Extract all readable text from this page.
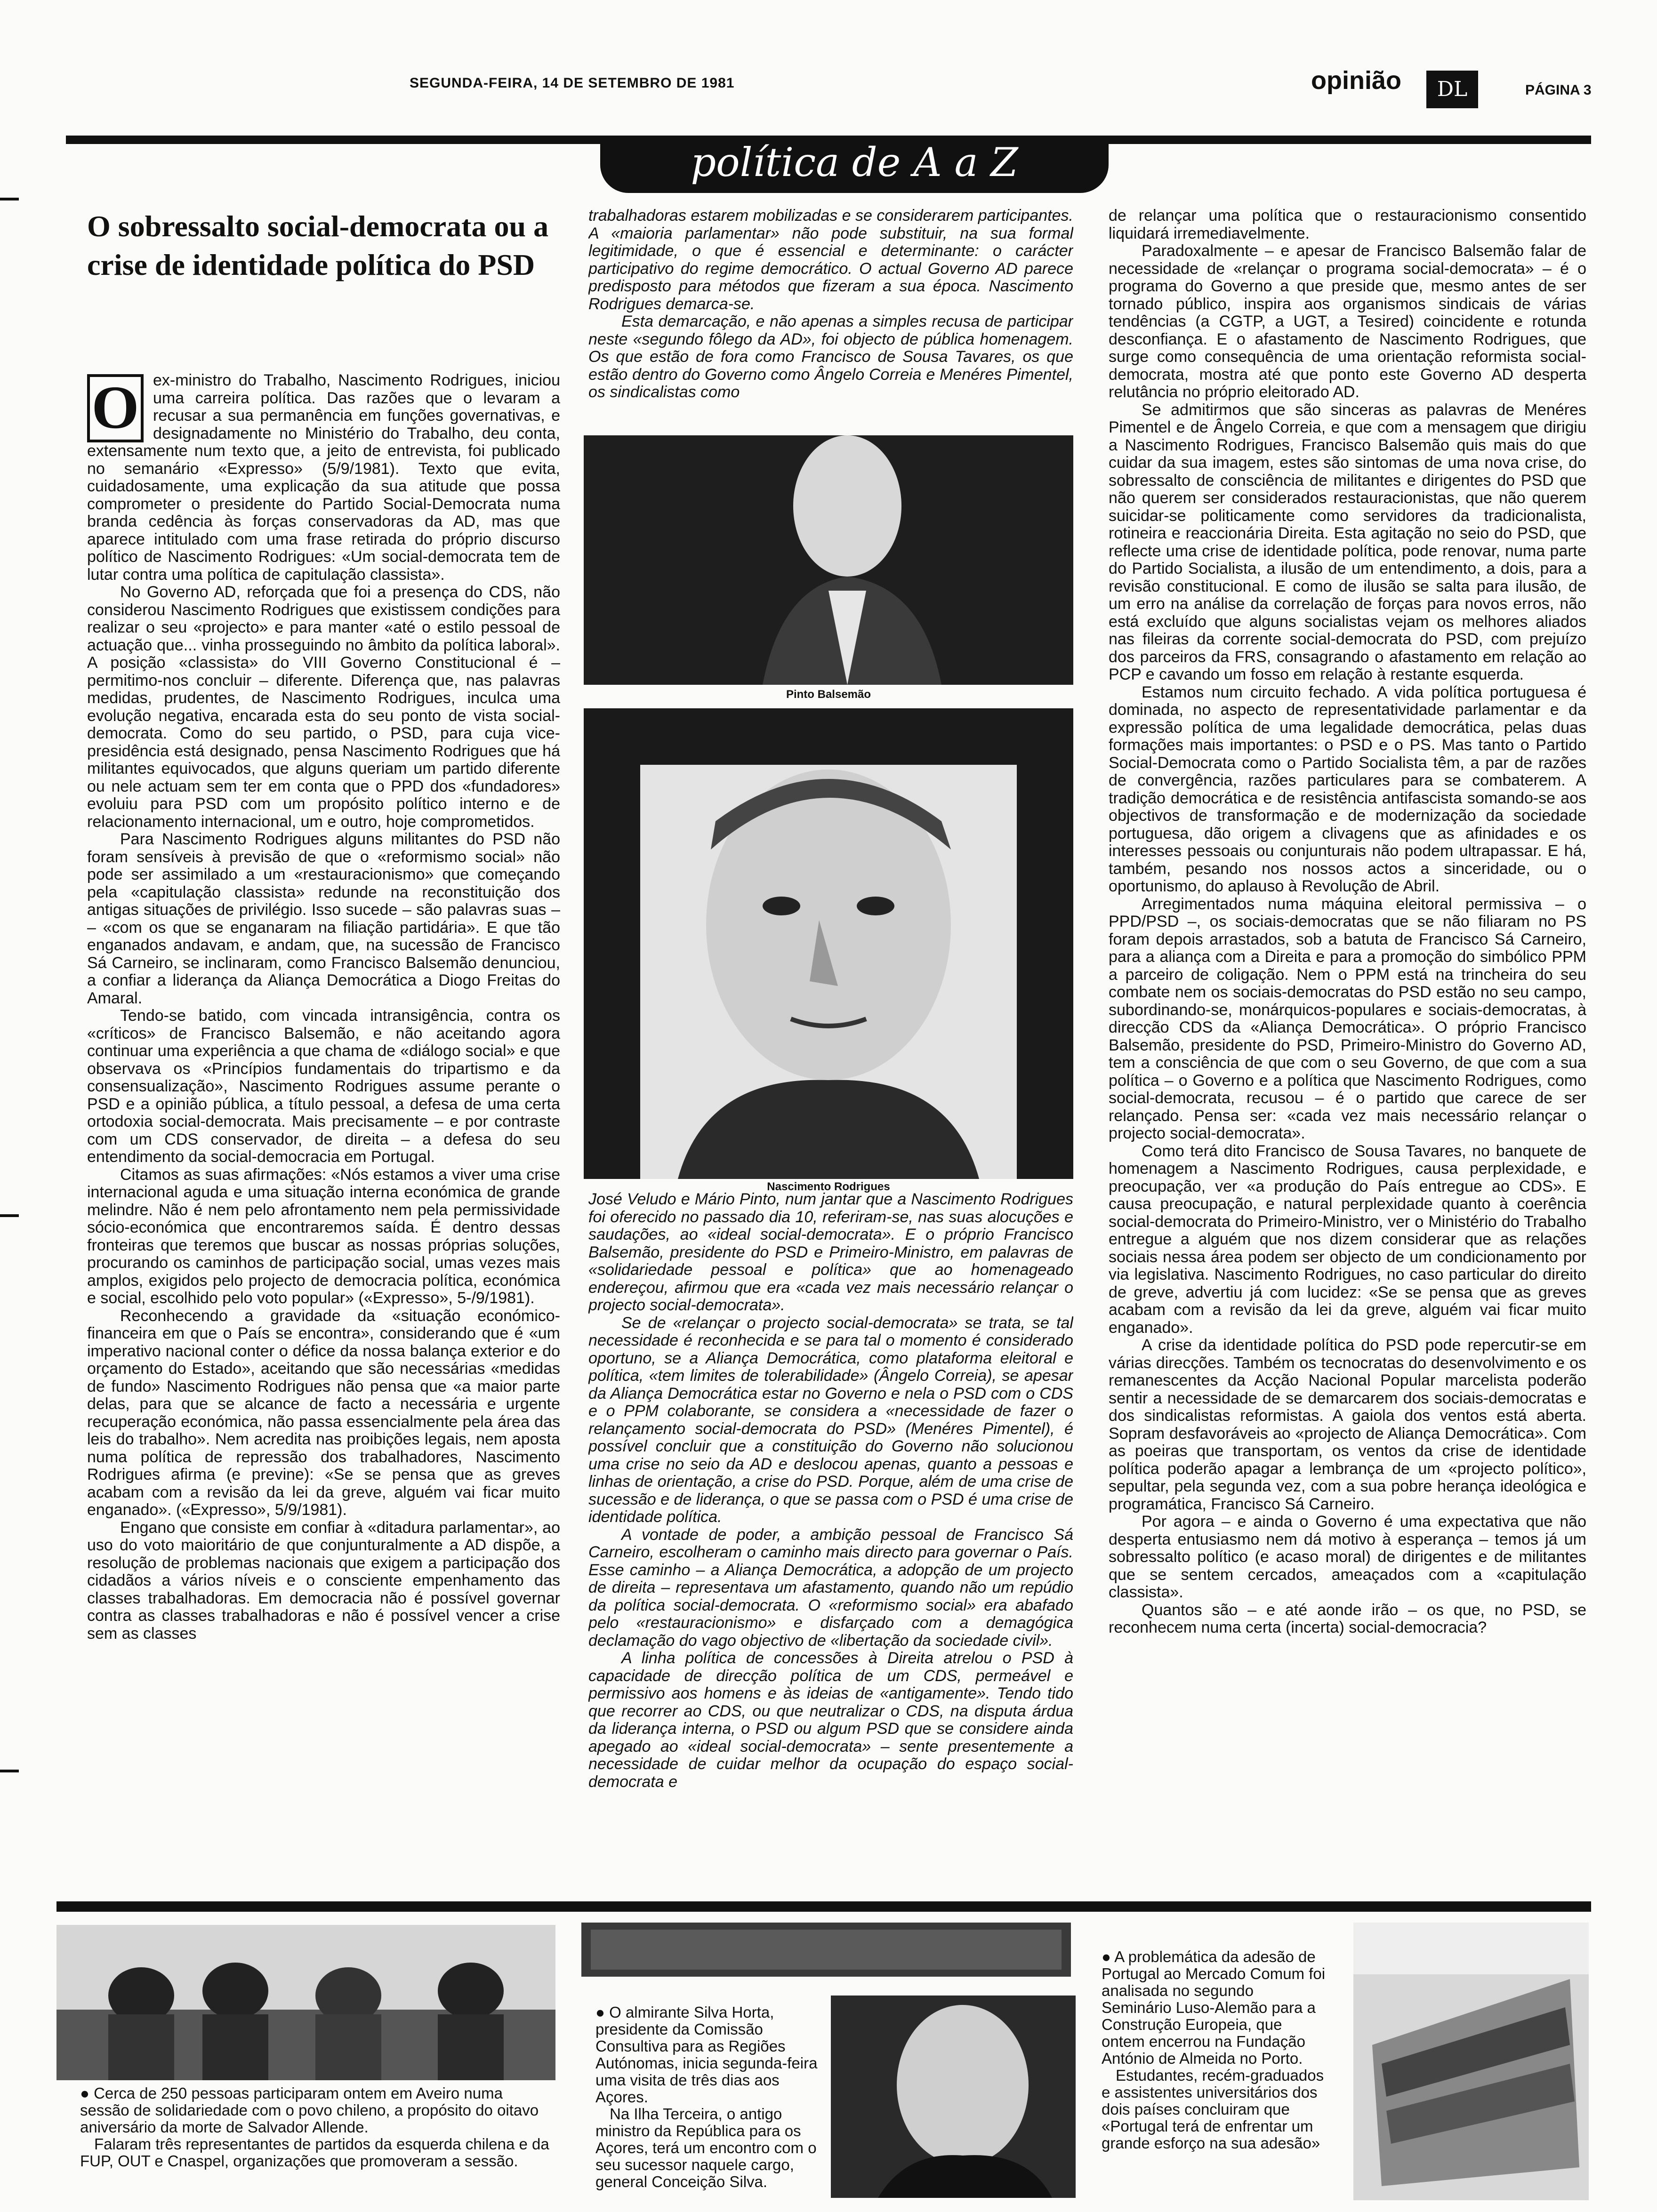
SEGUNDA-FEIRA, 14 DE SETEMBRO DE 1981	opinião	DL	PÁGINA 3
política de A a Z
O sobressalto social-democrata ou a crise de identidade política do PSD
O ex-ministro do Trabalho, Nascimento Rodrigues, iniciou uma carreira política. Das razões que o levaram a recusar a sua permanência em funções governativas, e designadamente no Ministério do Trabalho, deu conta, extensamente num texto que, a jeito de entrevista, foi publicado no semanário «Expresso» (5/9/1981). Texto que evita, cuidadosamente, uma explicação da sua atitude que possa comprometer o presidente do Partido Social-Democrata numa branda cedência às forças conservadoras da AD, mas que aparece intitulado com uma frase retirada do próprio discurso político de Nascimento Rodrigues: «Um social-democrata tem de lutar contra uma política de capitulação classista».

No Governo AD, reforçada que foi a presença do CDS, não considerou Nascimento Rodrigues que existissem condições para realizar o seu «projecto» e para manter «até o estilo pessoal de actuação que... vinha prosseguindo no âmbito da política laboral». A posição «classista» do VIII Governo Constitucional é – permitimo-nos concluir – diferente. Diferença que, nas palavras medidas, prudentes, de Nascimento Rodrigues, inculca uma evolução negativa, encarada esta do seu ponto de vista social-democrata. Como do seu partido, o PSD, para cuja vice-presidência está designado, pensa Nascimento Rodrigues que há militantes equivocados, que alguns queriam um partido diferente ou nele actuam sem ter em conta que o PPD dos «fundadores» evoluiu para PSD com um propósito político interno e de relacionamento internacional, um e outro, hoje comprometidos.

Para Nascimento Rodrigues alguns militantes do PSD não foram sensíveis à previsão de que o «reformismo social» não pode ser assimilado a um «restauracionismo» que começando pela «capitulação classista» redunde na reconstituição dos antigas situações de privilégio. Isso sucede – são palavras suas – – «com os que se enganaram na filiação partidária». E que tão enganados andavam, e andam, que, na sucessão de Francisco Sá Carneiro, se inclinaram, como Francisco Balsemão denunciou, a confiar a liderança da Aliança Democrática a Diogo Freitas do Amaral.

Tendo-se batido, com vincada intransigência, contra os «críticos» de Francisco Balsemão, e não aceitando agora continuar uma experiência a que chama de «diálogo social» e que observava os «Princípios fundamentais do tripartismo e da consensualização», Nascimento Rodrigues assume perante o PSD e a opinião pública, a título pessoal, a defesa de uma certa ortodoxia social-democrata. Mais precisamente – e por contraste com um CDS conservador, de direita – a defesa do seu entendimento da social-democracia em Portugal.

Citamos as suas afirmações: «Nós estamos a viver uma crise internacional aguda e uma situação interna económica de grande melindre. Não é nem pelo afrontamento nem pela permissividade sócio-económica que encontraremos saída. É dentro dessas fronteiras que teremos que buscar as nossas próprias soluções, procurando os caminhos de participação social, umas vezes mais amplos, exigidos pelo projecto de democracia política, económica e social, escolhido pelo voto popular» («Expresso», 5-/9/1981).

Reconhecendo a gravidade da «situação económico-financeira em que o País se encontra», considerando que é «um imperativo nacional conter o défice da nossa balança exterior e do orçamento do Estado», aceitando que são necessárias «medidas de fundo» Nascimento Rodrigues não pensa que «a maior parte delas, para que se alcance de facto a necessária e urgente recuperação económica, não passa essencialmente pela área das leis do trabalho». Nem acredita nas proibições legais, nem aposta numa política de repressão dos trabalhadores, Nascimento Rodrigues afirma (e previne): «Se se pensa que as greves acabam com a revisão da lei da greve, alguém vai ficar muito enganado». («Expresso», 5/9/1981).

Engano que consiste em confiar à «ditadura parlamentar», ao uso do voto maioritário de que conjunturalmente a AD dispõe, a resolução de problemas nacionais que exigem a participação dos cidadãos a vários níveis e o consciente empenhamento das classes trabalhadoras. Em democracia não é possível governar contra as classes trabalhadoras e não é possível vencer a crise sem as classes

trabalhadoras estarem mobilizadas e se considerarem participantes. A «maioria parlamentar» não pode substituir, na sua formal legitimidade, o que é essencial e determinante: o carácter participativo do regime democrático. O actual Governo AD parece predisposto para métodos que fizeram a sua época. Nascimento Rodrigues demarca-se.

Esta demarcação, e não apenas a simples recusa de participar neste «segundo fôlego da AD», foi objecto de pública homenagem. Os que estão de fora como Francisco de Sousa Tavares, os que estão dentro do Governo como Ângelo Correia e Menéres Pimentel, os sindicalistas como

Pinto Balsemão
Nascimento Rodrigues

José Veludo e Mário Pinto, num jantar que a Nascimento Rodrigues foi oferecido no passado dia 10, referiram-se, nas suas alocuções e saudações, ao «ideal social-democrata». E o próprio Francisco Balsemão, presidente do PSD e Primeiro-Ministro, em palavras de «solidariedade pessoal e política» que ao homenageado endereçou, afirmou que era «cada vez mais necessário relançar o projecto social-democrata».

Se de «relançar o projecto social-democrata» se trata, se tal necessidade é reconhecida e se para tal o momento é considerado oportuno, se a Aliança Democrática, como plataforma eleitoral e política, «tem limites de tolerabilidade» (Ângelo Correia), se apesar da Aliança Democrática estar no Governo e nela o PSD com o CDS e o PPM colaborante, se considera a «necessidade de fazer o relançamento social-democrata do PSD» (Menéres Pimentel), é possível concluir que a constituição do Governo não solucionou uma crise no seio da AD e deslocou apenas, quanto a pessoas e linhas de orientação, a crise do PSD. Porque, além de uma crise de sucessão e de liderança, o que se passa com o PSD é uma crise de identidade política.

A vontade de poder, a ambição pessoal de Francisco Sá Carneiro, escolheram o caminho mais directo para governar o País. Esse caminho – a Aliança Democrática, a adopção de um projecto de direita – representava um afastamento, quando não um repúdio da política social-democrata. O «reformismo social» era abafado pelo «restauracionismo» e disfarçado com a demagógica declamação do vago objectivo de «libertação da sociedade civil».

A linha política de concessões à Direita atrelou o PSD à capacidade de direcção política de um CDS, permeável e permissivo aos homens e às ideias de «antigamente». Tendo tido que recorrer ao CDS, ou que neutralizar o CDS, na disputa árdua da liderança interna, o PSD ou algum PSD que se considere ainda apegado ao «ideal social-democrata» – sente presentemente a necessidade de cuidar melhor da ocupação do espaço social-democrata e

de relançar uma política que o restauracionismo consentido liquidará irremediavelmente.

Paradoxalmente – e apesar de Francisco Balsemão falar de necessidade de «relançar o programa social-democrata» – é o programa do Governo a que preside que, mesmo antes de ser tornado público, inspira aos organismos sindicais de várias tendências (a CGTP, a UGT, a Tesired) coincidente e rotunda desconfiança. E o afastamento de Nascimento Rodrigues, que surge como consequência de uma orientação reformista social-democrata, mostra até que ponto este Governo AD desperta relutância no próprio eleitorado AD.

Se admitirmos que são sinceras as palavras de Menéres Pimentel e de Ângelo Correia, e que com a mensagem que dirigiu a Nascimento Rodrigues, Francisco Balsemão quis mais do que cuidar da sua imagem, estes são sintomas de uma nova crise, do sobressalto de consciência de militantes e dirigentes do PSD que não querem ser considerados restauracionistas, que não querem suicidar-se politicamente como servidores da tradicionalista, rotineira e reaccionária Direita. Esta agitação no seio do PSD, que reflecte uma crise de identidade política, pode renovar, numa parte do Partido Socialista, a ilusão de um entendimento, a dois, para a revisão constitucional. E como de ilusão se salta para ilusão, de um erro na análise da correlação de forças para novos erros, não está excluído que alguns socialistas vejam os melhores aliados nas fileiras da corrente social-democrata do PSD, com prejuízo dos parceiros da FRS, consagrando o afastamento em relação ao PCP e cavando um fosso em relação à restante esquerda.

Estamos num circuito fechado. A vida política portuguesa é dominada, no aspecto de representatividade parlamentar e da expressão política de uma legalidade democrática, pelas duas formações mais importantes: o PSD e o PS. Mas tanto o Partido Social-Democrata como o Partido Socialista têm, a par de razões de convergência, razões particulares para se combaterem. A tradição democrática e de resistência antifascista somando-se aos objectivos de transformação e de modernização da sociedade portuguesa, dão origem a clivagens que as afinidades e os interesses pessoais ou conjunturais não podem ultrapassar. E há, também, pesando nos nossos actos a sinceridade, ou o oportunismo, do aplauso à Revolução de Abril.

Arregimentados numa máquina eleitoral permissiva – o PPD/PSD –, os sociais-democratas que se não filiaram no PS foram depois arrastados, sob a batuta de Francisco Sá Carneiro, para a aliança com a Direita e para a promoção do simbólico PPM a parceiro de coligação. Nem o PPM está na trincheira do seu combate nem os sociais-democratas do PSD estão no seu campo, subordinando-se, monárquicos-populares e sociais-democratas, à direcção CDS da «Aliança Democrática». O próprio Francisco Balsemão, presidente do PSD, Primeiro-Ministro do Governo AD, tem a consciência de que com o seu Governo, de que com a sua política – o Governo e a política que Nascimento Rodrigues, como social-democrata, recusou – é o partido que carece de ser relançado. Pensa ser: «cada vez mais necessário relançar o projecto social-democrata».

Como terá dito Francisco de Sousa Tavares, no banquete de homenagem a Nascimento Rodrigues, causa perplexidade, e preocupação, ver «a produção do País entregue ao CDS». E causa preocupação, e natural perplexidade quanto à coerência social-democrata do Primeiro-Ministro, ver o Ministério do Trabalho entregue a alguém que nos dizem considerar que as relações sociais nessa área podem ser objecto de um condicionamento por via legislativa. Nascimento Rodrigues, no caso particular do direito de greve, advertiu já com lucidez: «Se se pensa que as greves acabam com a revisão da lei da greve, alguém vai ficar muito enganado».

A crise da identidade política do PSD pode repercutir-se em várias direcções. Também os tecnocratas do desenvolvimento e os remanescentes da Acção Nacional Popular marcelista poderão sentir a necessidade de se demarcarem dos sociais-democratas e dos sindicalistas reformistas. A gaiola dos ventos está aberta. Sopram desfavoráveis ao «projecto de Aliança Democrática». Com as poeiras que transportam, os ventos da crise de identidade política poderão apagar a lembrança de um «projecto político», sepultar, pela segunda vez, com a sua pobre herança ideológica e programática, Francisco Sá Carneiro.

Por agora – e ainda o Governo é uma expectativa que não desperta entusiasmo nem dá motivo à esperança – temos já um sobressalto político (e acaso moral) de dirigentes e de militantes que se sentem cercados, ameaçados com a «capitulação classista».

Quantos são – e até aonde irão – os que, no PSD, se reconhecem numa certa (incerta) social-democracia?

● Cerca de 250 pessoas participaram ontem em Aveiro numa sessão de solidariedade com o povo chileno, a propósito do oitavo aniversário da morte de Salvador Allende.

Falaram três representantes de partidos da esquerda chilena e da FUP, OUT e Cnaspel, organizações que promoveram a sessão.

● O almirante Silva Horta, presidente da Comissão Consultiva para as Regiões Autónomas, inicia segunda-feira uma visita de três dias aos Açores.

Na Ilha Terceira, o antigo ministro da República para os Açores, terá um encontro com o seu sucessor naquele cargo, general Conceição Silva.

● A problemática da adesão de Portugal ao Mercado Comum foi analisada no segundo Seminário Luso-Alemão para a Construção Europeia, que ontem encerrou na Fundação António de Almeida no Porto.

Estudantes, recém-graduados e assistentes universitários dos dois países concluiram que «Portugal terá de enfrentar um grande esforço na sua adesão»
